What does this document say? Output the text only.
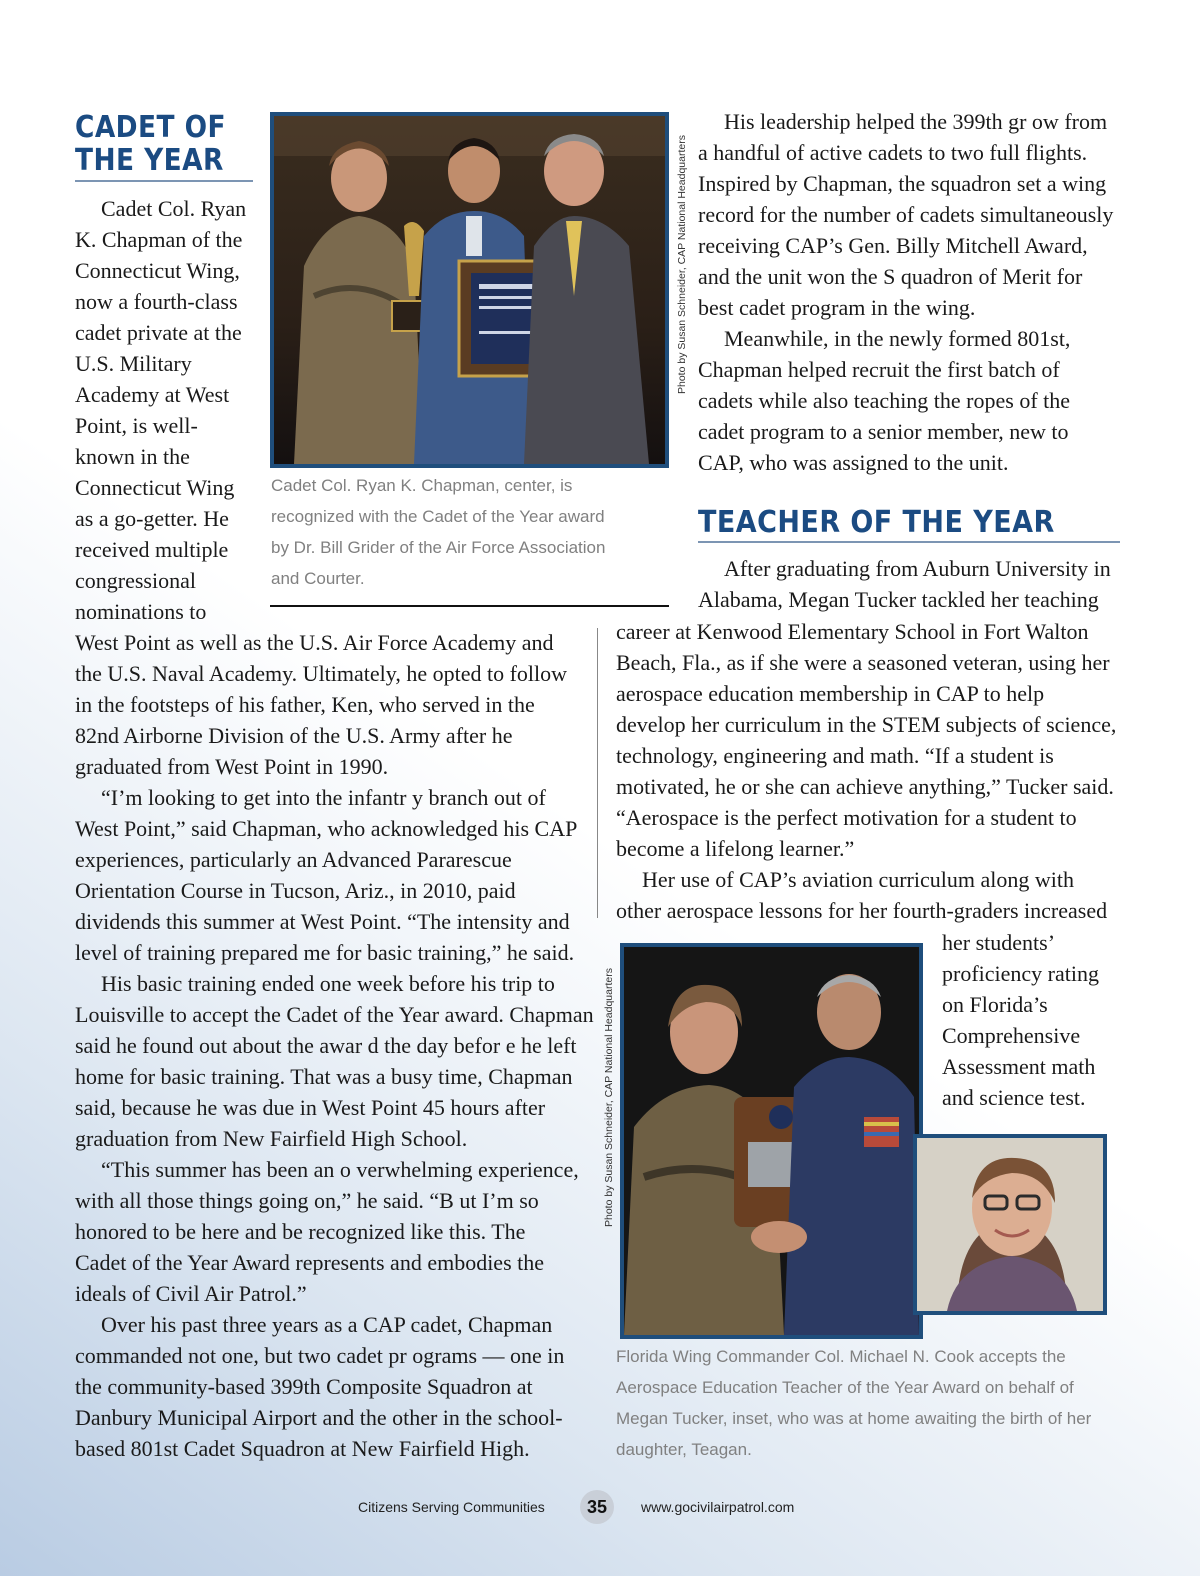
CADET OF
THE YEAR
Cadet Col. Ryan
K. Chapman of the
Connecticut Wing,
now a fourth-class
cadet private at the
U.S. Military
Academy at West
Point, is well-
known in the
Connecticut Wing
as a go-getter. He
received multiple
congressional
nominations to
West Point as well as the U.S. Air Force Academy and
the U.S. Naval Academy. Ultimately, he opted to follow
in the footsteps of his father, Ken, who served in the
82nd Airborne Division of the U.S. Army after he
graduated from West Point in 1990.
“I’m looking to get into the infantr y branch out of
West Point,” said Chapman, who acknowledged his CAP
experiences, particularly an Advanced Pararescue
Orientation Course in Tucson, Ariz., in 2010, paid
dividends this summer at West Point. “The intensity and
level of training prepared me for basic training,” he said.
His basic training ended one week before his trip to
Louisville to accept the Cadet of the Year award. Chapman
said he found out about the awar d the day befor e he left
home for basic training. That was a busy time, Chapman
said, because he was due in West Point 45 hours after
graduation from New Fairfield High School.
“This summer has been an o verwhelming experience,
with all those things going on,” he said. “B ut I’m so
honored to be here and be recognized like this. The
Cadet of the Year Award represents and embodies the
ideals of Civil Air Patrol.”
Over his past three years as a CAP cadet, Chapman
commanded not one, but two cadet pr ograms — one in
the community-based 399th Composite Squadron at
Danbury Municipal Airport and the other in the school-
based 801st Cadet Squadron at New Fairfield High.
Photo by Susan Schneider, CAP National Headquarters
Cadet Col. Ryan K. Chapman, center, is
recognized with the Cadet of the Year award
by Dr. Bill Grider of the Air Force Association
and Courter.
His leadership helped the 399th gr ow from
a handful of active cadets to two full flights.
Inspired by Chapman, the squadron set a wing
record for the number of cadets simultaneously
receiving CAP’s Gen. Billy Mitchell Award,
and the unit won the S quadron of Merit for
best cadet program in the wing.
Meanwhile, in the newly formed 801st,
Chapman helped recruit the first batch of
cadets while also teaching the ropes of the
cadet program to a senior member, new to
CAP, who was assigned to the unit.
TEACHER OF THE YEAR
After graduating from Auburn University in
Alabama, Megan Tucker tackled her teaching
career at Kenwood Elementary School in Fort Walton
Beach, Fla., as if she were a seasoned veteran, using her
aerospace education membership in CAP to help
develop her curriculum in the STEM subjects of science,
technology, engineering and math. “If a student is
motivated, he or she can achieve anything,” Tucker said.
“Aerospace is the perfect motivation for a student to
become a lifelong learner.”
Her use of CAP’s aviation curriculum along with
other aerospace lessons for her fourth-graders increased
her students’
proficiency rating
on Florida’s
Comprehensive
Assessment math
and science test.
Photo by Susan Schneider, CAP National Headquarters
Florida Wing Commander Col. Michael N. Cook accepts the
Aerospace Education Teacher of the Year Award on behalf of
Megan Tucker, inset, who was at home awaiting the birth of her
daughter, Teagan.
Citizens Serving Communities	35	www.gocivilairpatrol.com
